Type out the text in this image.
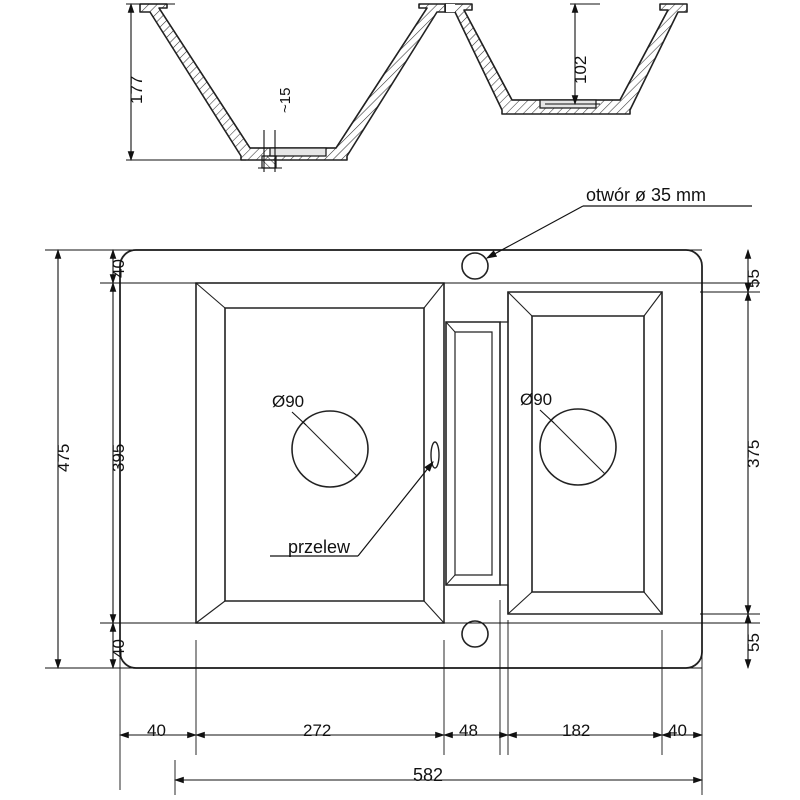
177
102
~15
otwór ø 35 mm
przelew
Ø90	Ø90
475 395
40
40
375
55
55
40	272	48	182	40
582
